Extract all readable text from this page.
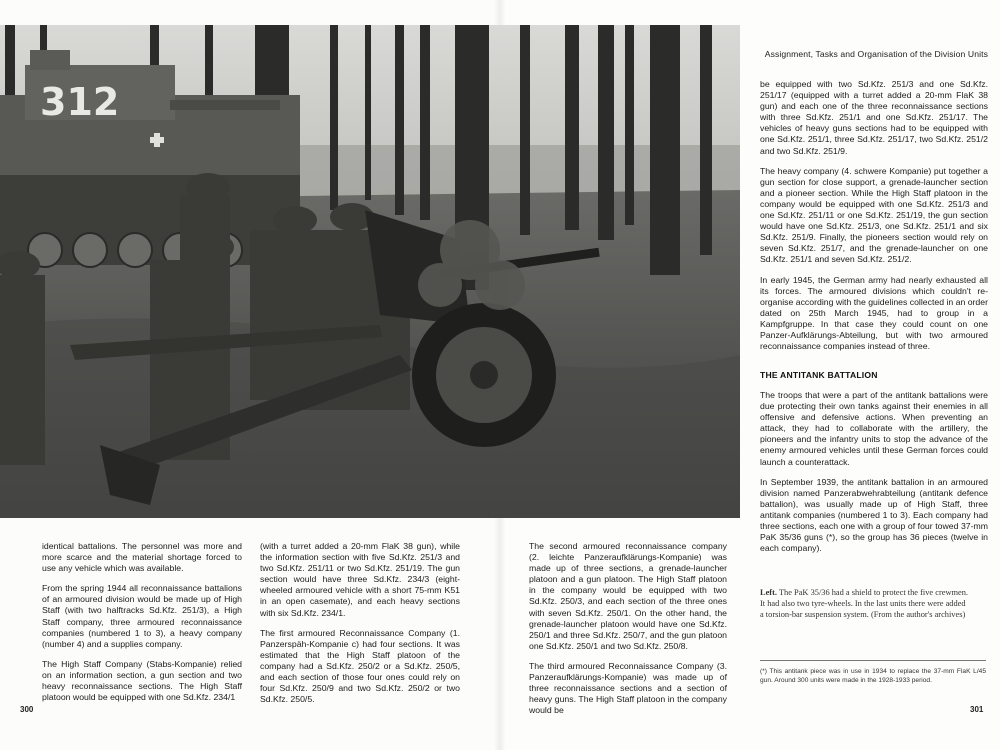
312
Assignment, Tasks and Organisation of the Division Units

be equipped with two Sd.Kfz. 251/3 and one Sd.Kfz. 251/17 (equipped with a turret added a 20-mm FlaK 38 gun) and each one of the three reconnaissance sections with three Sd.Kfz. 251/1 and one Sd.Kfz. 251/17. The vehicles of heavy guns sections had to be equipped with one Sd.Kfz. 251/1, three Sd.Kfz. 251/17, two Sd.Kfz. 251/2 and two Sd.Kfz. 251/9.

The heavy company (4. schwere Kompanie) put together a gun section for close support, a grenade-launcher section and a pioneer section. While the High Staff platoon in the company would be equipped with one Sd.Kfz. 251/3 and one Sd.Kfz. 251/11 or one Sd.Kfz. 251/19, the gun section would have one Sd.Kfz. 251/3, one Sd.Kfz. 251/1 and six Sd.Kfz. 251/9. Finally, the pioneers section would rely on seven Sd.Kfz. 251/7, and the grenade-launcher on one Sd.Kfz. 251/1 and seven Sd.Kfz. 251/2.

In early 1945, the German army had nearly exhausted all its forces. The armoured divisions which couldn't re-organise according with the guidelines collected in an order dated on 25th March 1945, had to group in a Kampfgruppe. In that case they could count on one Panzer-Aufklärungs-Abteilung, but with two armoured reconnaissance companies instead of three.

THE ANTITANK BATTALION

The troops that were a part of the antitank battalions were due protecting their own tanks against their enemies in all offensive and defensive actions. When preventing an attack, they had to collaborate with the artillery, the pioneers and the infantry units to stop the advance of the enemy armoured vehicles until these German forces could launch a counterattack.

In September 1939, the antitank battalion in an armoured division named Panzerabwehrabteilung (antitank defence battalion), was usually made up of High Staff, three antitank companies (numbered 1 to 3). Each company had three sections, each one with a group of four towed 37-mm PaK 35/36 guns (*), so the group has 36 pieces (twelve in each company).

identical battalions. The personnel was more and more scarce and the material shortage forced to use any vehicle which was available.

From the spring 1944 all reconnaissance battalions of an armoured division would be made up of High Staff (with two halftracks Sd.Kfz. 251/3), a High Staff company, three armoured reconnaissance companies (numbered 1 to 3), a heavy company (number 4) and a supplies company.

The High Staff Company (Stabs-Kompanie) relied on an information section, a gun section and two heavy reconnaissance sections. The High Staff platoon would be equipped with one Sd.Kfz. 234/1

(with a turret added a 20-mm FlaK 38 gun), while the information section with five Sd.Kfz. 251/3 and two Sd.Kfz. 251/11 or two Sd.Kfz. 251/19. The gun section would have three Sd.Kfz. 234/3 (eight-wheeled armoured vehicle with a short 75-mm K51 in an open casemate), and each heavy sections with six Sd.Kfz. 234/1.

The first armoured Reconnaissance Company (1. Panzerspäh-Kompanie c) had four sections. It was estimated that the High Staff platoon of the company had a Sd.Kfz. 250/2 or a Sd.Kfz. 250/5, and each section of those four ones could rely on four Sd.Kfz. 250/9 and two Sd.Kfz. 250/2 or two Sd.Kfz. 250/5.

The second armoured reconnaissance company (2. leichte Panzeraufklärungs-Kompanie) was made up of three sections, a grenade-launcher platoon and a gun platoon. The High Staff platoon in the company would be equipped with two Sd.Kfz. 250/3, and each section of the three ones with seven Sd.Kfz. 250/1. On the other hand, the grenade-launcher platoon would have one Sd.Kfz. 250/1 and three Sd.Kfz. 250/7, and the gun platoon one Sd.Kfz. 250/1 and two Sd.Kfz. 250/8.

The third armoured Reconnaissance Company (3. Panzeraufklärungs-Kompanie) was made up of three reconnaissance sections and a section of heavy guns. The High Staff platoon in the company would be

Left. The PaK 35/36 had a shield to protect the five crewmen. It had also two tyre-wheels. In the last units there were added a torsion-bar suspension system. (From the author's archives)
(*) This antitank piece was in use in 1934 to replace the 37-mm FlaK L/45 gun. Around 300 units were made in the 1928-1933 period.
300	301
